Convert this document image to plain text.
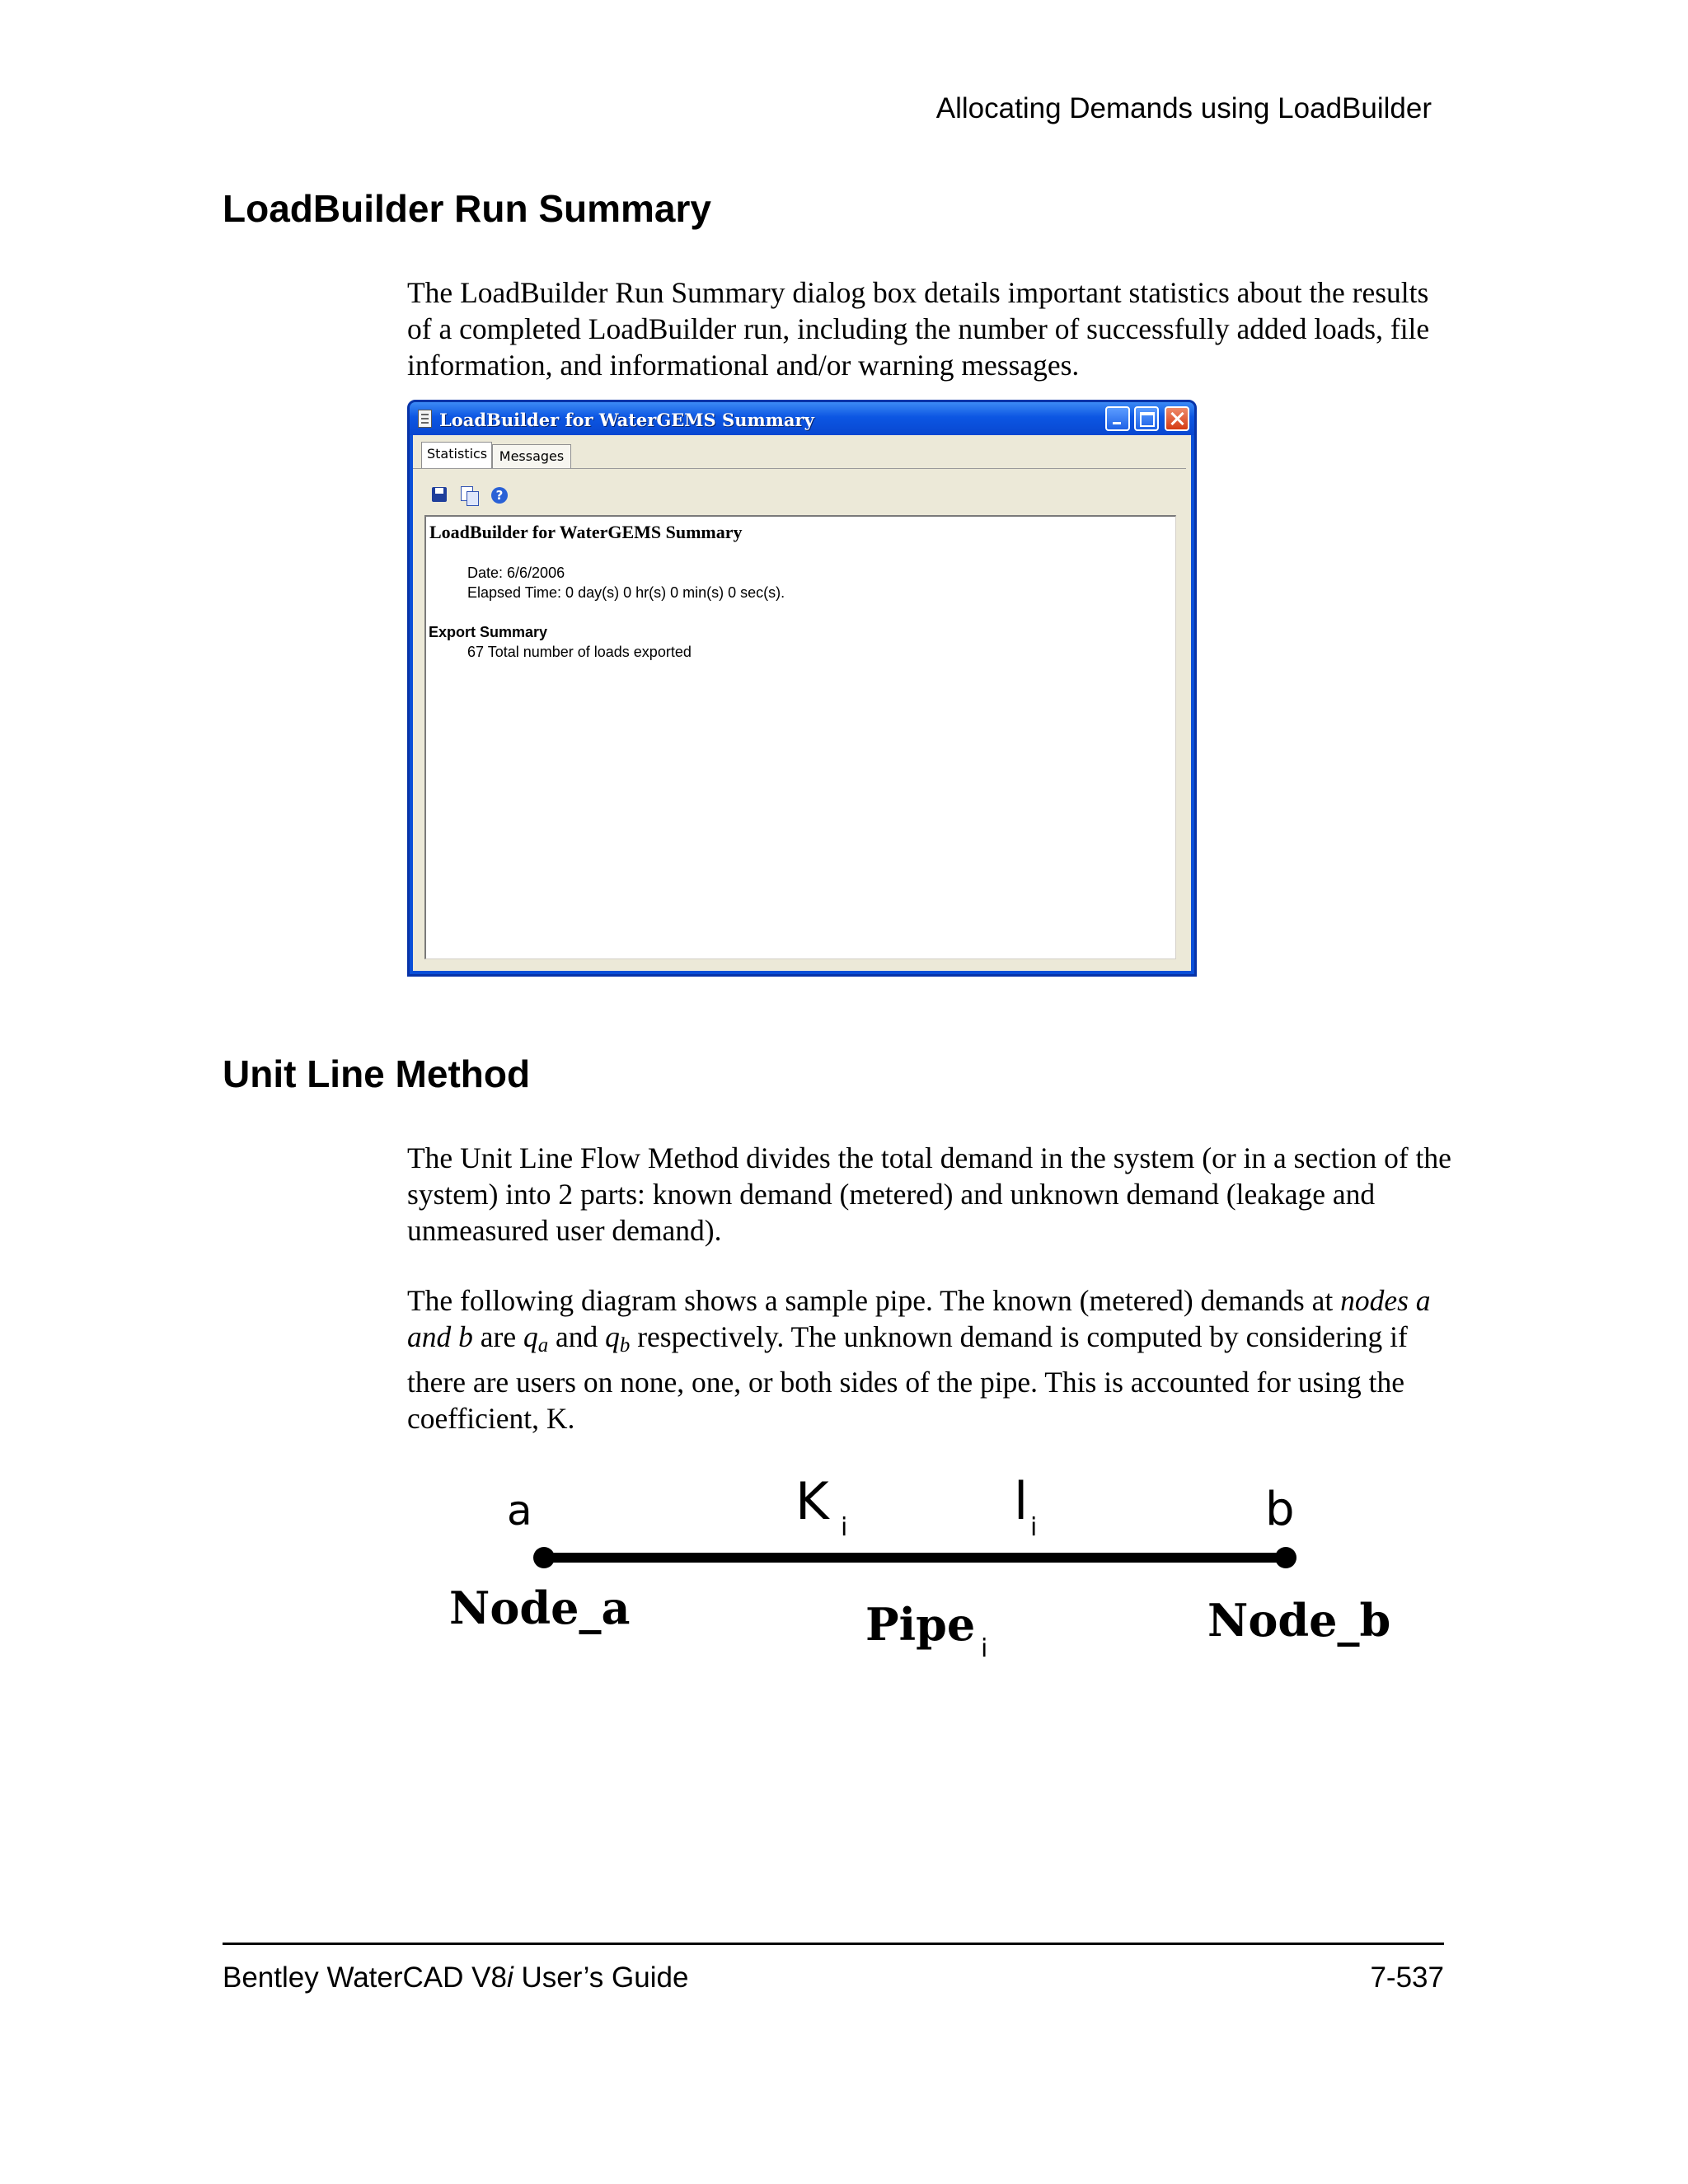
Allocating Demands using LoadBuilder
LoadBuilder Run Summary

The LoadBuilder Run Summary dialog box details important statistics about the results of a completed LoadBuilder run, including the number of successfully added loads, file information, and informational and/or warning messages.

LoadBuilder for WaterGEMS Summary
Statistics Messages
?
LoadBuilder for WaterGEMS Summary
Date: 6/6/2006
Elapsed Time: 0 day(s) 0 hr(s) 0 min(s) 0 sec(s).
Export Summary
67 Total number of loads exported
Unit Line Method

The Unit Line Flow Method divides the total demand in the system (or in a section of the system) into 2 parts: known demand (metered) and unknown demand (leakage and unmeasured user demand).

The following diagram shows a sample pipe. The known (metered) demands at nodes a and b are $q_a$ and $q_b$ respectively. The unknown demand is computed by considering if there are users on none, one, or both sides of the pipe. This is accounted for using the coefficient, K.

a	K i	l i	b
Node_a	Pipe i
Node_b
Bentley WaterCAD V8i User’s Guide	7-537
